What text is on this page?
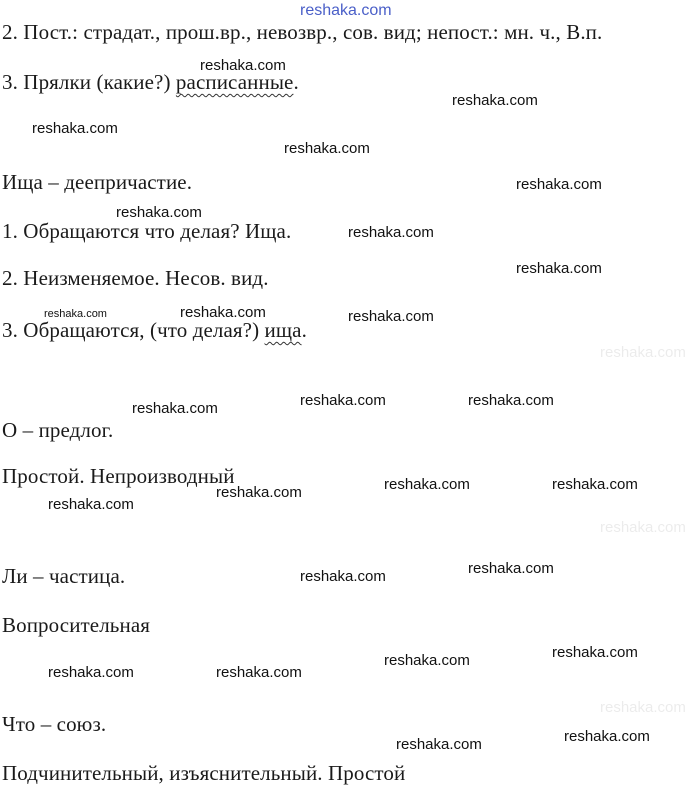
2. Пост.: страдат., прош.вр., невозвр., сов. вид; непост.: мн. ч., В.п.
3. Прялки (какие?) расписанные.
Ища – деепричастие.
1. Обращаются что делая? Ища.
2. Неизменяемое. Несов. вид.
3. Обращаются, (что делая?) ища.
О – предлог.
Простой. Непроизводный
Ли – частица.
Вопросительная
Что – союз.
Подчинительный, изъяснительный. Простой
reshaka.com
reshaka.com
reshaka.com
reshaka.com
reshaka.com
reshaka.com
reshaka.com
reshaka.com
reshaka.com
reshaka.com	reshaka.com	reshaka.com
reshaka.com	reshaka.com
reshaka.com
reshaka.com	reshaka.com
reshaka.com
reshaka.com
reshaka.com
reshaka.com
reshaka.com
reshaka.com
reshaka.com	reshaka.com
reshaka.com
reshaka.com
reshaka.com
reshaka.com
reshaka.com
